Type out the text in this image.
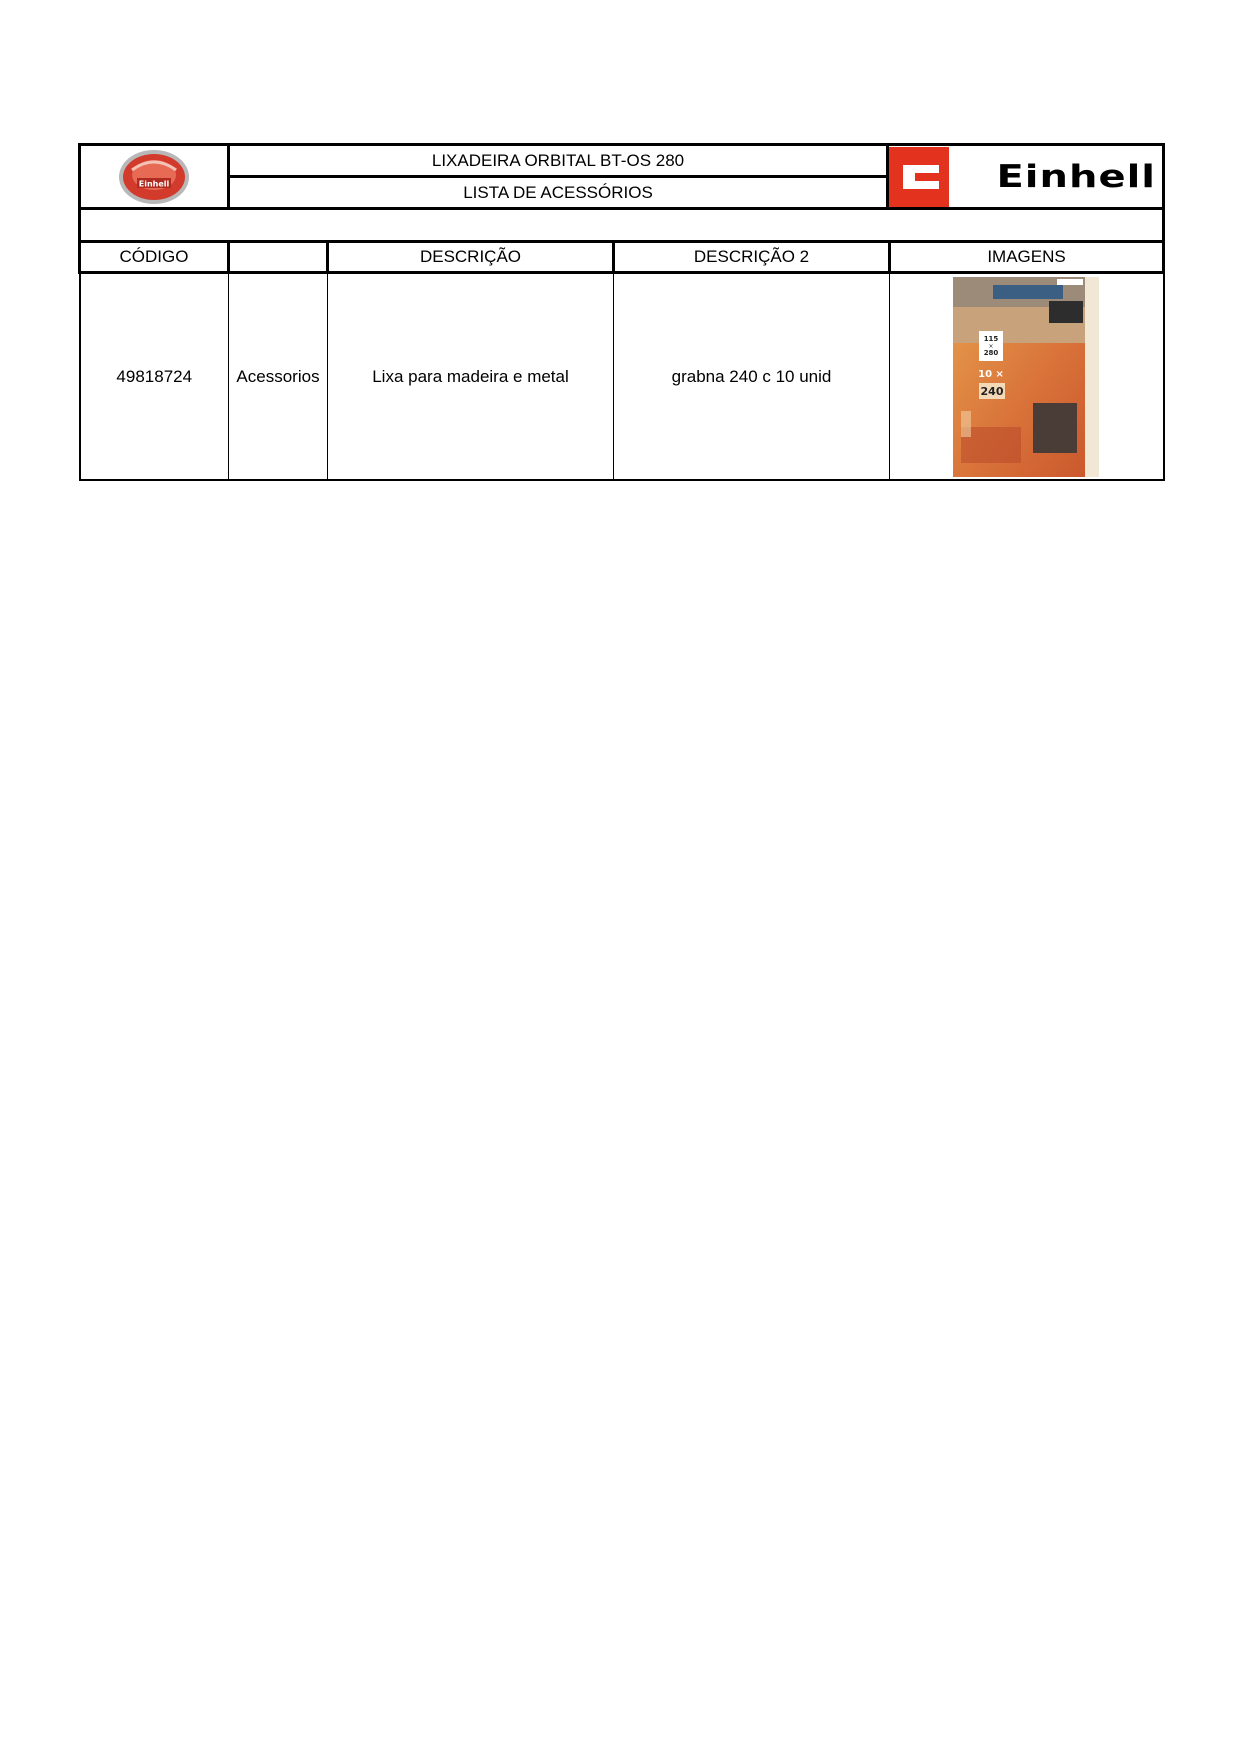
Einhell
	LIXADEIRA ORBITAL BT-OS 280	Einhell

LISTA DE ACESSÓRIOS

CÓDIGO		DESCRIÇÃO	DESCRIÇÃO 2	IMAGENS
49818724	Acessorios	Lixa para madeira e metal	grabna 240 c 10 unid	115
×
280
10 ×
240
